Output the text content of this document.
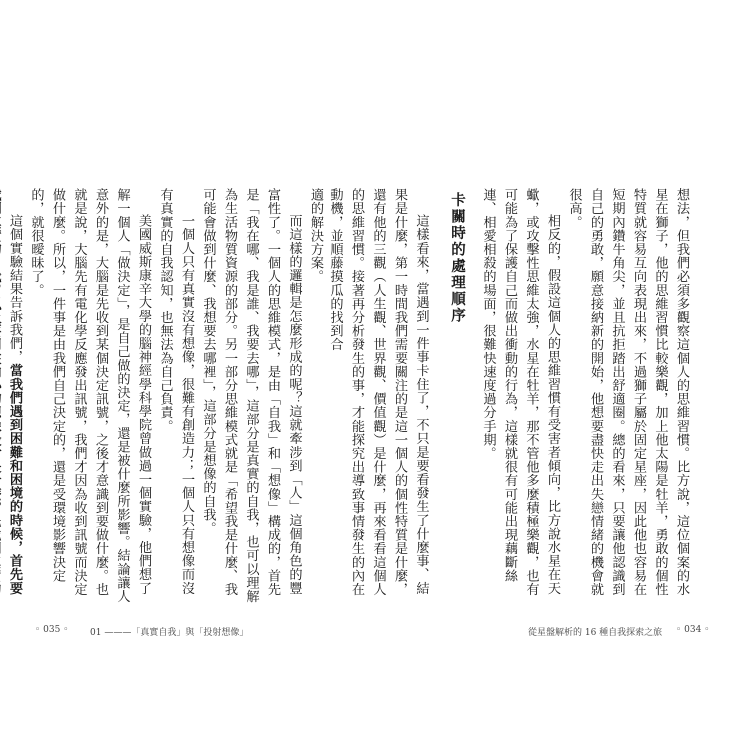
想法，但我們必須多觀察這個人的思維習慣。比方說，這位個案的水星在獅子，他的思維習慣比較樂觀，加上他太陽是牡羊，勇敢的個性特質就容易互向表現出來，不過獅子屬於固定星座，因此他也容易在短期內鑽牛角尖，並且抗拒踏出舒適圈。總的看來，只要讓他認識到自己的勇敢，願意接納新的開始，他想要盡快走出失戀情緒的機會就很高。

相反的，假設這個人的思維習慣有受害者傾向，比方說水星在天蠍，或攻擊性思維太強，水星在牡羊，那不管他多麼積極樂觀，也有可能為了保護自己而做出衝動的行為，這樣就很有可能出現藕斷絲連、相愛相殺的場面，很難快速度過分手期。

卡關時的處理順序

這樣看來，當遇到一件事卡住了，不只是要看發生了什麼事、結果是什麼，第一時間我們需要關注的是這一個人的個性特質是什麼，還有他的三觀（人生觀、世界觀、價值觀）是什麼，再來看看這個人的思維習慣。接著再分析發生的事，才能探究出導致事情發生的內在動機，並順藤摸瓜的找到合

適的解決方案。

而這樣的邏輯是怎麼形成的呢？這就牽涉到「人」這個角色的豐富性了。一個人的思維模式，是由「自我」和「想像」構成的，首先是「我在哪、我是誰、我要去哪」，這部分是真實的自我，也可以理解為生活物質資源的部分。另一部分思維模式就是「希望我是什麼、我可能會做到什麼、我想要去哪裡」，這部分是想像的自我。

一個人只有真實沒有想像，很難有創造力；一個人只有想像而沒有真實的自我認知，也無法為自己負責。

美國威斯康辛大學的腦神經學科學院曾做過一個實驗，他們想了解一個人「做決定」，是自己做的決定，還是被什麼所影響。結論讓人意外的是，大腦是先收到某個決定訊號，之後才意識到要做什麼。也就是說，大腦先有電化學反應發出訊號，我們才因為收到訊號而決定做什麼。所以，一件事是由我們自己決定的，還是受環境影響決定的，就很曖昧了。

這個實驗結果告訴我們，當我們遇到困難和困境的時候，首先要

◦ 035 ◦ 01 ———「真實自我」與「投射想像」	從星盤解析的 16 種自我探索之旅 ◦ 034 ◦
